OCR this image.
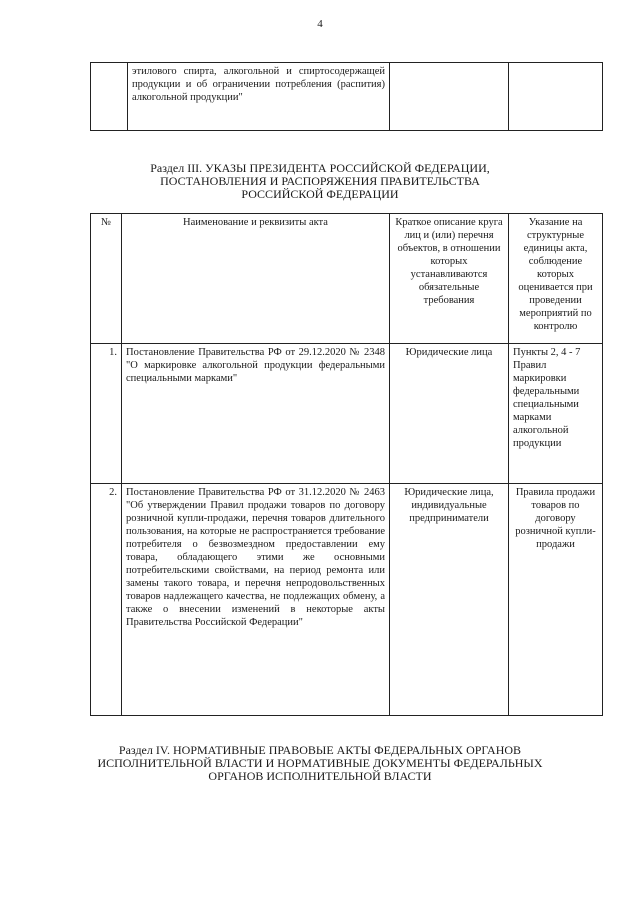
4
	этилового спирта, алкогольной и спиртосодержащей продукции и об ограничении потребления (распития) алкогольной продукции"		
Раздел III. УКАЗЫ ПРЕЗИДЕНТА РОССИЙСКОЙ ФЕДЕРАЦИИ,
ПОСТАНОВЛЕНИЯ И РАСПОРЯЖЕНИЯ ПРАВИТЕЛЬСТВА
РОССИЙСКОЙ ФЕДЕРАЦИИ
№	Наименование и реквизиты акта	Краткое описание круга лиц и (или) перечня объектов, в отношении которых устанавливаются обязательные требования	Указание на структурные единицы акта, соблюдение которых оценивается при проведении мероприятий по контролю
1.	Постановление Правительства РФ от 29.12.2020 № 2348 "О маркировке алкогольной продукции федеральными специальными марками"	Юридические лица	Пункты 2, 4 - 7 Правил маркировки федеральными специальными марками алкогольной продукции
2.	Постановление Правительства РФ от 31.12.2020 № 2463 "Об утверждении Правил продажи товаров по договору розничной купли-продажи, перечня товаров длительного пользования, на которые не распространяется требование потребителя о безвозмездном предоставлении ему товара, обладающего этими же основными потребительскими свойствами, на период ремонта или замены такого товара, и перечня непродовольственных товаров надлежащего качества, не подлежащих обмену, а также о внесении изменений в некоторые акты Правительства Российской Федерации"	Юридические лица, индивидуальные предприниматели	Правила продажи товаров по договору розничной купли-продажи
Раздел IV. НОРМАТИВНЫЕ ПРАВОВЫЕ АКТЫ ФЕДЕРАЛЬНЫХ ОРГАНОВ
ИСПОЛНИТЕЛЬНОЙ ВЛАСТИ И НОРМАТИВНЫЕ ДОКУМЕНТЫ ФЕДЕРАЛЬНЫХ
ОРГАНОВ ИСПОЛНИТЕЛЬНОЙ ВЛАСТИ
